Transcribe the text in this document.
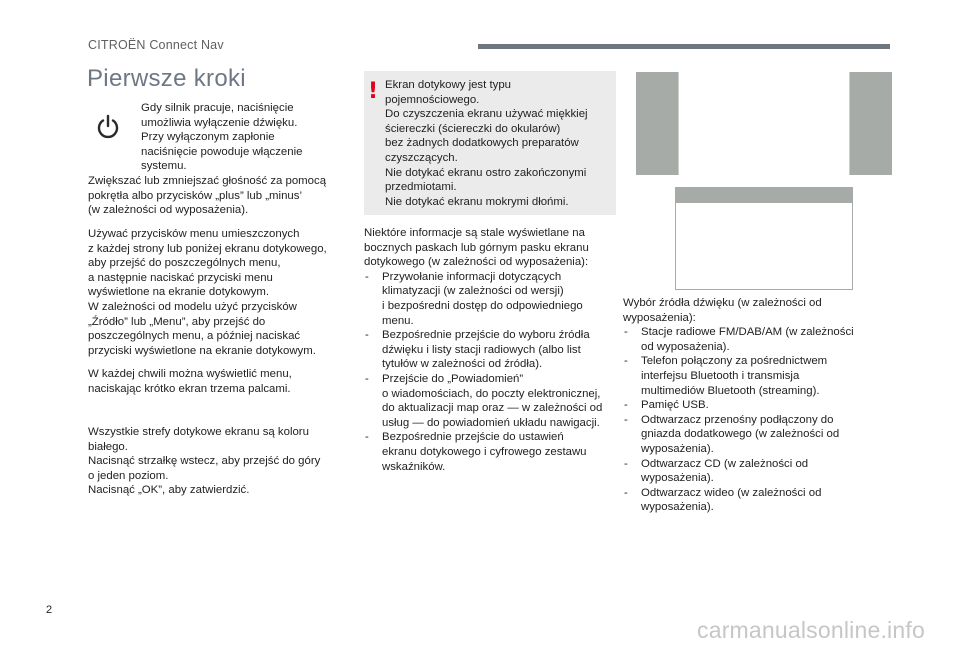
CITROËN Connect Nav
Pierwsze kroki
Gdy silnik pracuje, naciśnięcie
umożliwia wyłączenie dźwięku.
Przy wyłączonym zapłonie
naciśnięcie powoduje włączenie
systemu.
Zwiększać lub zmniejszać głośność za pomocą
pokrętła albo przycisków „plus” lub „minus’
(w zależności od wyposażenia).
Używać przycisków menu umieszczonych
z każdej strony lub poniżej ekranu dotykowego,
aby przejść do poszczególnych menu,
a następnie naciskać przyciski menu
wyświetlone na ekranie dotykowym.
W zależności od modelu użyć przycisków
„Źródło” lub „Menu”, aby przejść do
poszczególnych menu, a później naciskać
przyciski wyświetlone na ekranie dotykowym.
W każdej chwili można wyświetlić menu,
naciskając krótko ekran trzema palcami.
Wszystkie strefy dotykowe ekranu są koloru
białego.
Nacisnąć strzałkę wstecz, aby przejść do góry
o jeden poziom.
Nacisnąć „OK”, aby zatwierdzić.
! Ekran dotykowy jest typu
pojemnościowego.
Do czyszczenia ekranu używać miękkiej
ściereczki (ściereczki do okularów)
bez żadnych dodatkowych preparatów
czyszczących.
Nie dotykać ekranu ostro zakończonymi
przedmiotami.
Nie dotykać ekranu mokrymi dłońmi.
Niektóre informacje są stale wyświetlane na
bocznych paskach lub górnym pasku ekranu
dotykowego (w zależności od wyposażenia):
- Przywołanie informacji dotyczących
klimatyzacji (w zależności od wersji)
i bezpośredni dostęp do odpowiedniego
menu.
- Bezpośrednie przejście do wyboru źródła
dźwięku i listy stacji radiowych (albo list
tytułów w zależności od źródła).
- Przejście do „Powiadomień”
o wiadomościach, do poczty elektronicznej,
do aktualizacji map oraz — w zależności od
usług — do powiadomień układu nawigacji.
- Bezpośrednie przejście do ustawień
ekranu dotykowego i cyfrowego zestawu
wskaźników.
Wybór źródła dźwięku (w zależności od
wyposażenia):
- Stacje radiowe FM/DAB/AM (w zależności
od wyposażenia).
- Telefon połączony za pośrednictwem
interfejsu Bluetooth i transmisja
multimediów Bluetooth (streaming).
- Pamięć USB.
- Odtwarzacz przenośny podłączony do
gniazda dodatkowego (w zależności od
wyposażenia).
- Odtwarzacz CD (w zależności od
wyposażenia).
- Odtwarzacz wideo (w zależności od
wyposażenia).
2
carmanualsonline.info
